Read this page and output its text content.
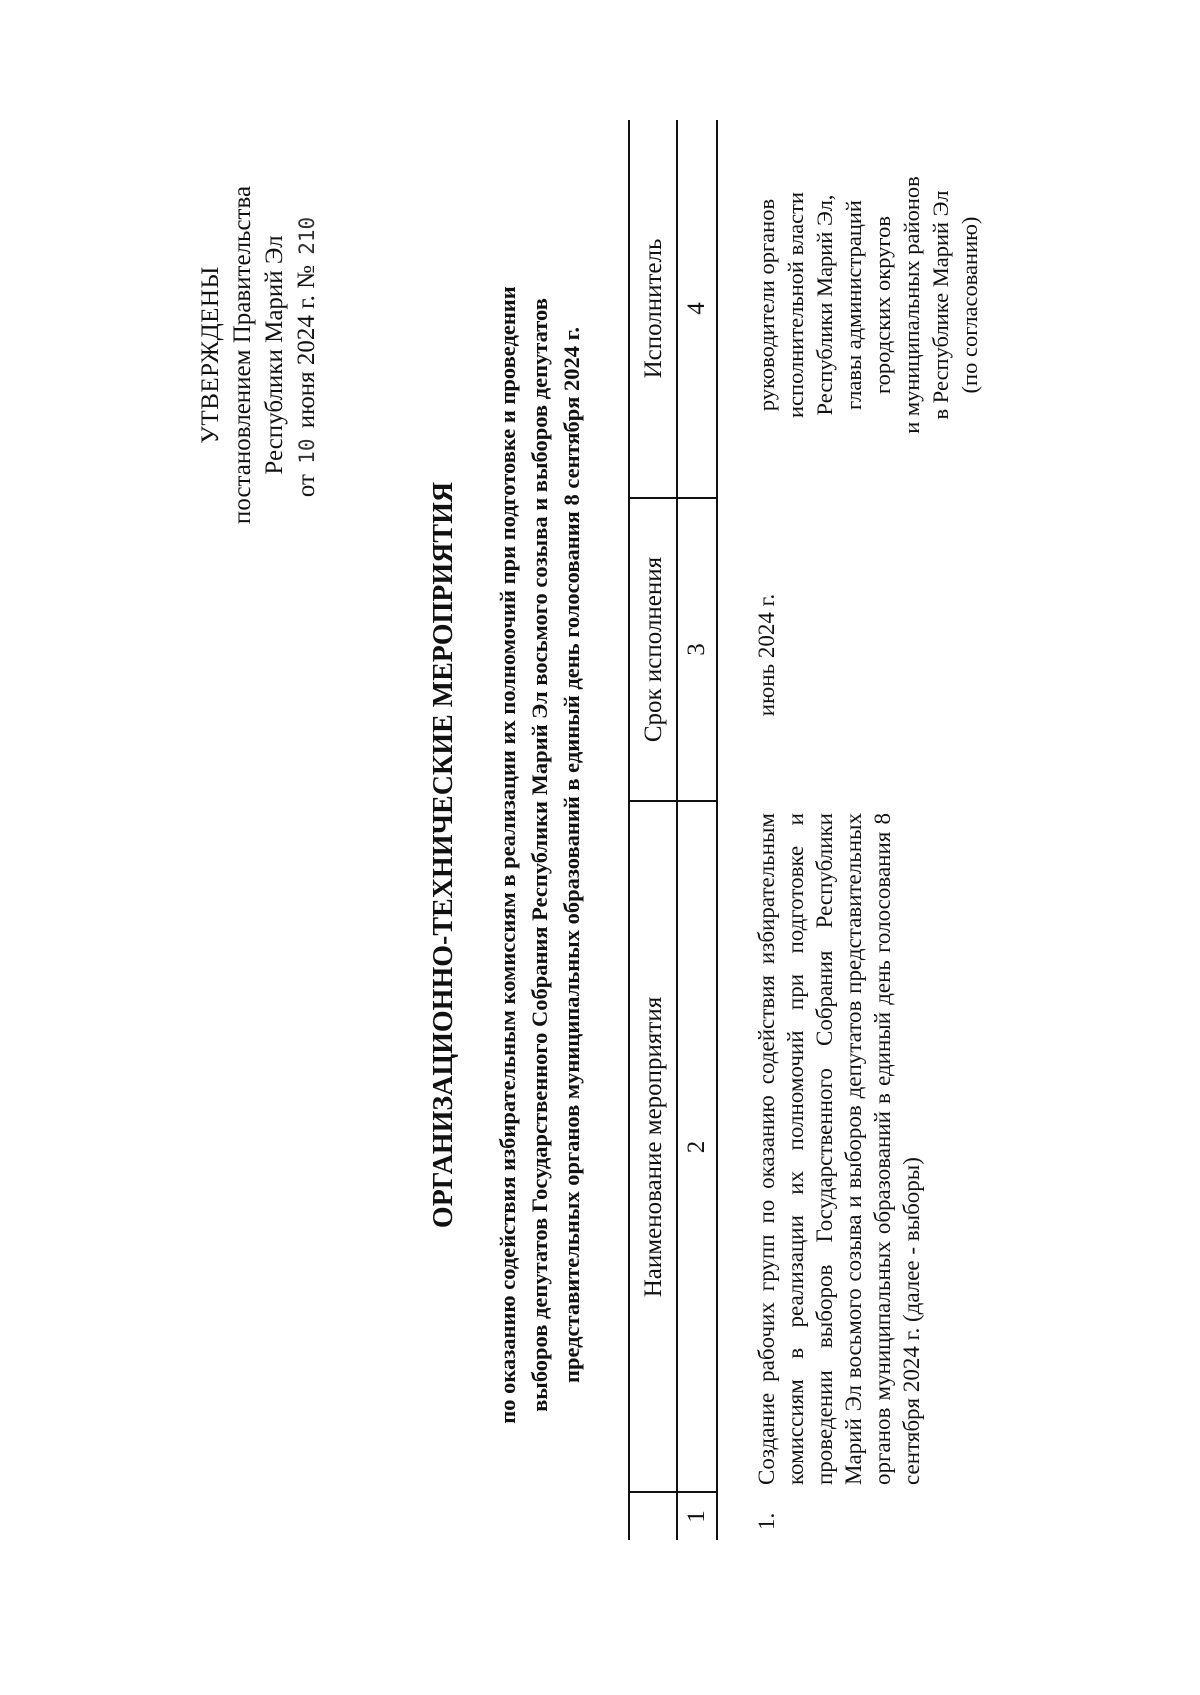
УТВЕРЖДЕНЫ постановлением Правительства Республики Марий Эл
от 10 июня 2024 г. № 210
ОРГАНИЗАЦИОННО-ТЕХНИЧЕСКИЕ МЕРОПРИЯТИЯ по оказанию содействия избирательным комиссиям в реализации их полномочий при подготовке и проведении выборов депутатов Государственного Собрания Республики Марий Эл восьмого созыва и выборов депутатов представительных органов муниципальных образований в единый день голосования 8 сентября 2024 г.	Наименование мероприятия
Срок исполнения
Исполнитель
1
2
3
4
1.
Создание рабочих групп по оказанию содействия избирательным комиссиям в реализации их полномочий при подготовке и проведении выборов Государственного Собрания Республики Марий Эл восьмого созыва и выборов депутатов представительных органов муниципальных образований в единый день голосования 8 сентября 2024 г. (далее - выборы)
июнь 2024 г.
руководители органов исполнительной власти Республики Марий Эл, главы администраций городских округов и муниципальных районов в Республике Марий Эл (по согласованию)
